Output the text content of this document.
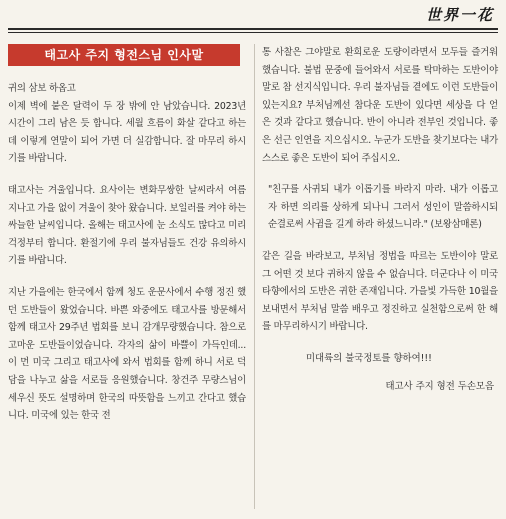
世界一花
태고사 주지 형전스님 인사말

귀의 삼보 하옵고

이제 벽에 붙은 달력이 두 장 밖에 안 남았습니다. 2023년 시간이 그리 남은 듯 합니다. 세월 흐름이 화살 같다고 하는데 이렇게 연말이 되어 가면 더 실감합니다. 잘 마무리 하시기를 바랍니다.

태고사는 겨울입니다. 요사이는 변화무쌍한 날씨라서 여름 지나고 가을 없이 겨울이 찾아 왔습니다. 보일러를 켜야 하는 싸늘한 날씨입니다. 올해는 태고사에 눈 소식도 많다고 미리 걱정부터 합니다. 환절기에 우리 불자님들도 건강 유의하시기를 바랍니다.

지난 가을에는 한국에서 함께 청도 운문사에서 수행 정진 했던 도반들이 왔었습니다. 바쁜 와중에도 태고사를 방문해서 함께 태고사 29주년 법회를 보니 감개무량했습니다. 참으로 고마운 도반들이었습니다. 각자의 삶이 바쁠이 가득인데... 이 먼 미국 그리고 태고사에 와서 법회를 함께 하니 서로 덕담을 나누고 삶을 서로들 응원했습니다. 창건주 무량스님이 세우신 뜻도 설명하며 한국의 따뜻함을 느끼고 간다고 했습니다. 미국에 있는 한국 전

통 사찰은 그야말로 환희로운 도량이라면서 모두들 즐거워했습니다. 불법 문중에 들어와서 서로를 탁마하는 도반이야말로 참 선지식입니다. 우리 불자님들 곁에도 이런 도반들이 있는지요? 부처님께선 참다운 도반이 있다면 세상을 다 얻은 것과 같다고 했습니다. 반이 아니라 전부인 것입니다. 좋은 선근 인연을 지으십시오. 누군가 도반을 찾기보다는 내가 스스로 좋은 도반이 되어 주십시오.

"친구를 사귀되 내가 이롭기를 바라지 마라. 내가 이롭고자 하면 의리를 상하게 되나니 그러서 성인이 말씀하시되 순결로써 사귐을 길게 하라 하셨느니라." (보왕삼매론)

같은 길을 바라보고, 부처님 정법을 따르는 도반이야 말로 그 어떤 것 보다 귀하지 않을 수 없습니다. 더군다나 이 미국 타향에서의 도반은 귀한 존재입니다. 가을빛 가득한 10월을 보내면서 부처님 말씀 배우고 정진하고 실천함으로써 한 해를 마무리하시기 바랍니다.

미대륙의 불국정토를 향하여!!!

태고사 주지 형전 두손모음
